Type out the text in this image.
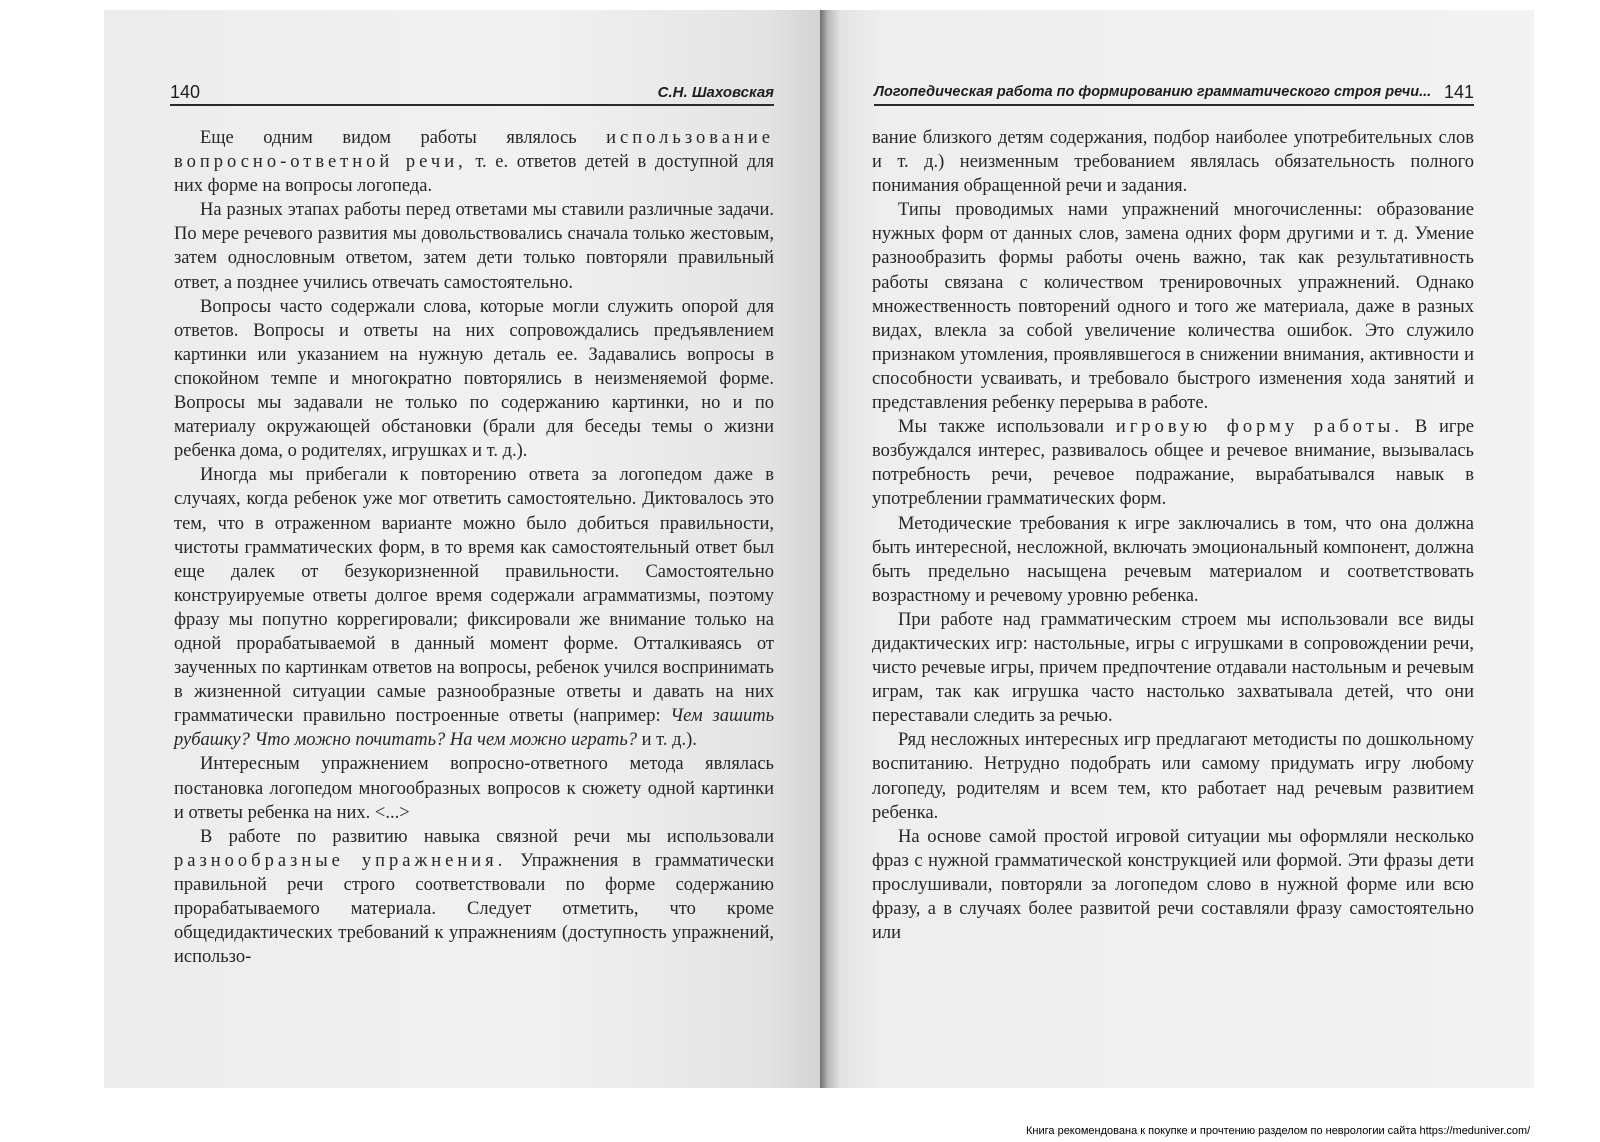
140	С.Н. Шаховская

Еще одним видом работы являлось использование вопросно-ответной речи, т. е. ответов детей в доступной для них форме на вопросы логопеда.

На разных этапах работы перед ответами мы ставили различные задачи. По мере речевого развития мы довольствовались сначала только жестовым, затем однословным ответом, затем дети только повторяли правильный ответ, а позднее учились отвечать самостоятельно.

Вопросы часто содержали слова, которые могли служить опорой для ответов. Вопросы и ответы на них сопровождались предъявлением картинки или указанием на нужную деталь ее. Задавались вопросы в спокойном темпе и многократно повторялись в неизменяемой форме. Вопросы мы задавали не только по содержанию картинки, но и по материалу окружающей обстановки (брали для беседы темы о жизни ребенка дома, о родителях, игрушках и т. д.).

Иногда мы прибегали к повторению ответа за логопедом даже в случаях, когда ребенок уже мог ответить самостоятельно. Диктовалось это тем, что в отраженном варианте можно было добиться правильности, чистоты грамматических форм, в то время как самостоятельный ответ был еще далек от безукоризненной правильности. Самостоятельно конструируемые ответы долгое время содержали аграмматизмы, поэтому фразу мы попутно коррегировали; фиксировали же внимание только на одной прорабатываемой в данный момент форме. Отталкиваясь от заученных по картинкам ответов на вопросы, ребенок учился воспринимать в жизненной ситуации самые разнообразные ответы и давать на них грамматически правильно построенные ответы (например: Чем зашить рубашку? Что можно почитать? На чем можно играть? и т. д.).

Интересным упражнением вопросно-ответного метода являлась постановка логопедом многообразных вопросов к сюжету одной картинки и ответы ребенка на них. <...>

В работе по развитию навыка связной речи мы использовали разнообразные упражнения. Упражнения в грамматически правильной речи строго соответствовали по форме содержанию прорабатываемого материала. Следует отметить, что кроме общедидактических требований к упражнениям (доступность упражнений, использо-

Логопедическая работа по формированию грамматического строя речи... 141

вание близкого детям содержания, подбор наиболее употребительных слов и т. д.) неизменным требованием являлась обязательность полного понимания обращенной речи и задания.

Типы проводимых нами упражнений многочисленны: образование нужных форм от данных слов, замена одних форм другими и т. д. Умение разнообразить формы работы очень важно, так как результативность работы связана с количеством тренировочных упражнений. Однако множественность повторений одного и того же материала, даже в разных видах, влекла за собой увеличение количества ошибок. Это служило признаком утомления, проявлявшегося в снижении внимания, активности и способности усваивать, и требовало быстрого изменения хода занятий и представления ребенку перерыва в работе.

Мы также использовали игровую форму работы. В игре возбуждался интерес, развивалось общее и речевое внимание, вызывалась потребность речи, речевое подражание, вырабатывался навык в употреблении грамматических форм.

Методические требования к игре заключались в том, что она должна быть интересной, несложной, включать эмоциональный компонент, должна быть предельно насыщена речевым материалом и соответствовать возрастному и речевому уровню ребенка.

При работе над грамматическим строем мы использовали все виды дидактических игр: настольные, игры с игрушками в сопровождении речи, чисто речевые игры, причем предпочтение отдавали настольным и речевым играм, так как игрушка часто настолько захватывала детей, что они переставали следить за речью.

Ряд несложных интересных игр предлагают методисты по дошкольному воспитанию. Нетрудно подобрать или самому придумать игру любому логопеду, родителям и всем тем, кто работает над речевым развитием ребенка.

На основе самой простой игровой ситуации мы оформляли несколько фраз с нужной грамматической конструкцией или формой. Эти фразы дети прослушивали, повторяли за логопедом слово в нужной форме или всю фразу, а в случаях более развитой речи составляли фразу самостоятельно или

Книга рекомендована к покупке и прочтению разделом по неврологии сайта https://meduniver.com/
